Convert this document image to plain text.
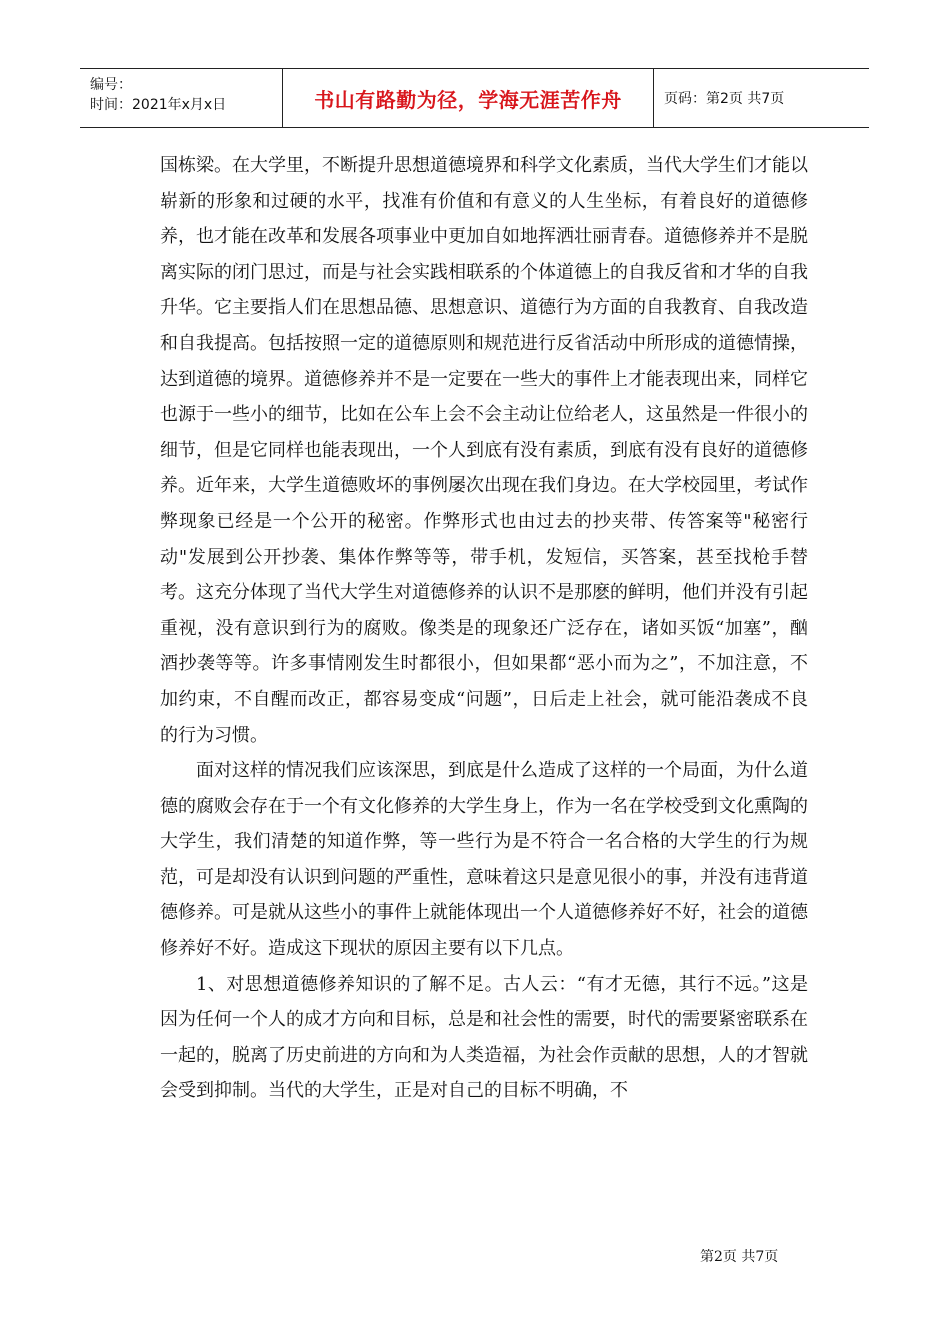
编号：
时间：2021年x月x日	书山有路勤为径，学海无涯苦作舟	页码：第2页 共7页

国栋梁。在大学里，不断提升思想道德境界和科学文化素质，当代大学生们才能以崭新的形象和过硬的水平，找准有价值和有意义的人生坐标，有着良好的道德修养，也才能在改革和发展各项事业中更加自如地挥洒壮丽青春。道德修养并不是脱离实际的闭门思过，而是与社会实践相联系的个体道德上的自我反省和才华的自我升华。它主要指人们在思想品德、思想意识、道德行为方面的自我教育、自我改造和自我提高。包括按照一定的道德原则和规范进行反省活动中所形成的道德情操，达到道德的境界。道德修养并不是一定要在一些大的事件上才能表现出来，同样它也源于一些小的细节，比如在公车上会不会主动让位给老人，这虽然是一件很小的细节，但是它同样也能表现出，一个人到底有没有素质，到底有没有良好的道德修养。近年来，大学生道德败坏的事例屡次出现在我们身边。在大学校园里，考试作弊现象已经是一个公开的秘密。作弊形式也由过去的抄夹带、传答案等"秘密行动"发展到公开抄袭、集体作弊等等，带手机，发短信，买答案，甚至找枪手替考。这充分体现了当代大学生对道德修养的认识不是那麽的鲜明，他们并没有引起重视，没有意识到行为的腐败。像类是的现象还广泛存在，诸如买饭“加塞”，酗酒抄袭等等。许多事情刚发生时都很小，但如果都“恶小而为之”，不加注意，不加约束，不自醒而改正，都容易变成“问题”，日后走上社会，就可能沿袭成不良的行为习惯。

面对这样的情况我们应该深思，到底是什么造成了这样的一个局面，为什么道德的腐败会存在于一个有文化修养的大学生身上，作为一名在学校受到文化熏陶的大学生，我们清楚的知道作弊，等一些行为是不符合一名合格的大学生的行为规范，可是却没有认识到问题的严重性，意味着这只是意见很小的事，并没有违背道德修养。可是就从这些小的事件上就能体现出一个人道德修养好不好，社会的道德修养好不好。造成这下现状的原因主要有以下几点。

1、对思想道德修养知识的了解不足。古人云：“有才无德，其行不远。”这是因为任何一个人的成才方向和目标，总是和社会性的需要，时代的需要紧密联系在一起的，脱离了历史前进的方向和为人类造福，为社会作贡献的思想，人的才智就会受到抑制。当代的大学生，正是对自己的目标不明确，不

第2页 共7页
